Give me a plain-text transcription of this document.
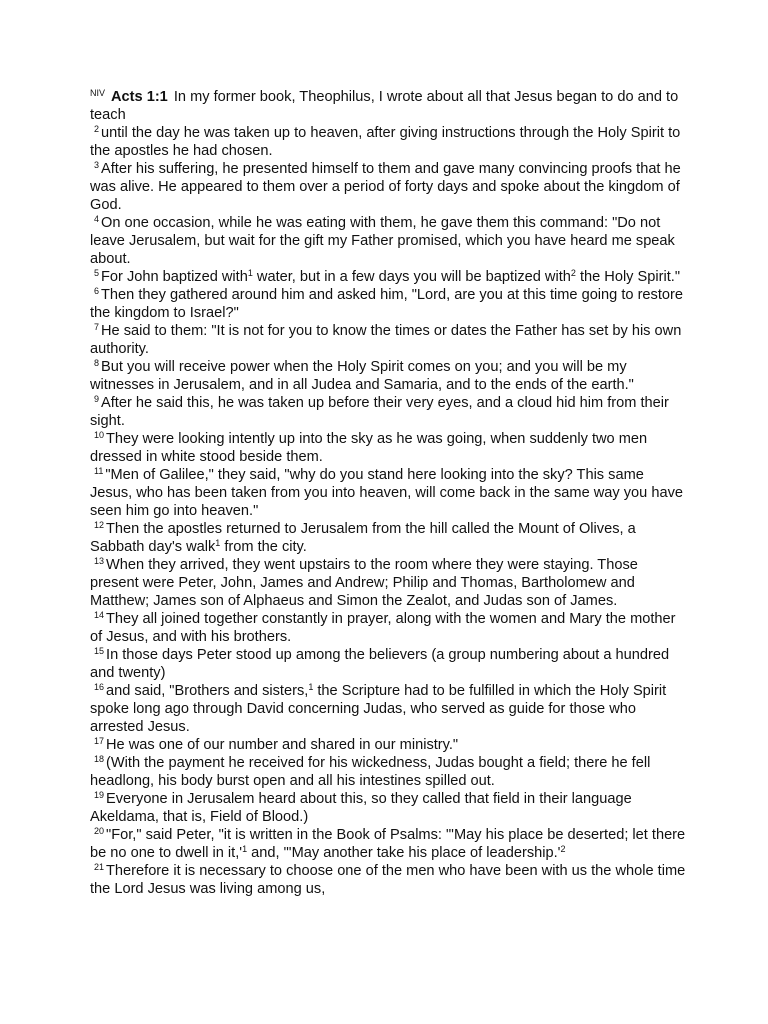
$^{NIV}$ Acts 1:1 In my former book, Theophilus, I wrote about all that Jesus began to do and to teach
$^2$ until the day he was taken up to heaven, after giving instructions through the Holy Spirit to the apostles he had chosen.
$^3$ After his suffering, he presented himself to them and gave many convincing proofs that he was alive. He appeared to them over a period of forty days and spoke about the kingdom of God.
$^4$ On one occasion, while he was eating with them, he gave them this command: "Do not leave Jerusalem, but wait for the gift my Father promised, which you have heard me speak about.
$^5$ For John baptized with$^1$ water, but in a few days you will be baptized with$^2$ the Holy Spirit."
$^6$ Then they gathered around him and asked him, "Lord, are you at this time going to restore the kingdom to Israel?"
$^7$ He said to them: "It is not for you to know the times or dates the Father has set by his own authority.
$^8$ But you will receive power when the Holy Spirit comes on you; and you will be my witnesses in Jerusalem, and in all Judea and Samaria, and to the ends of the earth."
$^9$ After he said this, he was taken up before their very eyes, and a cloud hid him from their sight.
$^{10}$ They were looking intently up into the sky as he was going, when suddenly two men dressed in white stood beside them.
$^{11}$ "Men of Galilee," they said, "why do you stand here looking into the sky? This same Jesus, who has been taken from you into heaven, will come back in the same way you have seen him go into heaven."
$^{12}$ Then the apostles returned to Jerusalem from the hill called the Mount of Olives, a Sabbath day's walk$^1$ from the city.
$^{13}$ When they arrived, they went upstairs to the room where they were staying. Those present were Peter, John, James and Andrew; Philip and Thomas, Bartholomew and Matthew; James son of Alphaeus and Simon the Zealot, and Judas son of James.
$^{14}$ They all joined together constantly in prayer, along with the women and Mary the mother of Jesus, and with his brothers.
$^{15}$ In those days Peter stood up among the believers (a group numbering about a hundred and twenty)
$^{16}$ and said, "Brothers and sisters,$^1$ the Scripture had to be fulfilled in which the Holy Spirit spoke long ago through David concerning Judas, who served as guide for those who arrested Jesus.
$^{17}$ He was one of our number and shared in our ministry."
$^{18}$ (With the payment he received for his wickedness, Judas bought a field; there he fell headlong, his body burst open and all his intestines spilled out.
$^{19}$ Everyone in Jerusalem heard about this, so they called that field in their language Akeldama, that is, Field of Blood.)
$^{20}$ "For," said Peter, "it is written in the Book of Psalms: "'May his place be deserted; let there be no one to dwell in it,'$^1$ and, "'May another take his place of leadership.'$^2$
$^{21}$ Therefore it is necessary to choose one of the men who have been with us the whole time the Lord Jesus was living among us,
